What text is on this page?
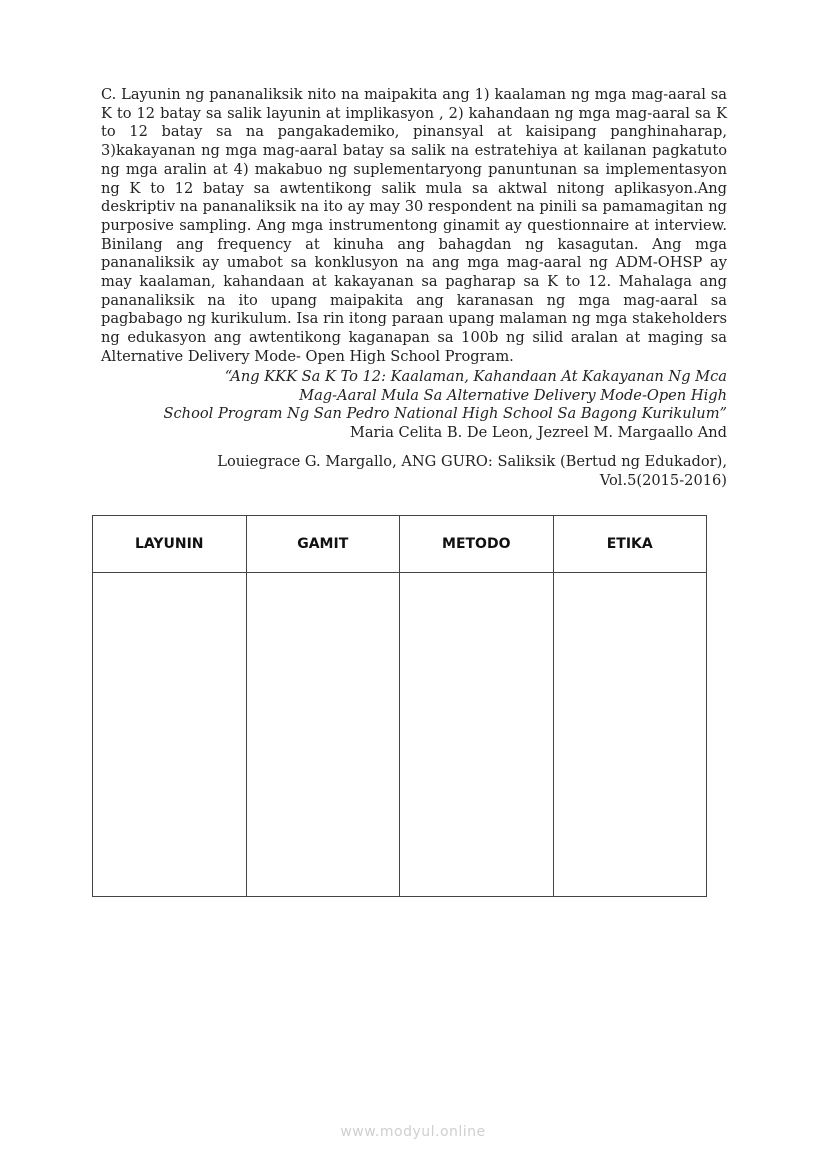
C. Layunin ng pananaliksik nito na maipakita ang 1) kaalaman ng mga mag-aaral sa K to 12 batay sa salik layunin at implikasyon , 2) kahandaan ng mga mag-aaral sa K to 12 batay sa na pangakademiko, pinansyal at kaisipang panghinaharap, 3)kakayanan ng mga mag-aaral batay sa salik na estratehiya at kailanan pagkatuto ng mga aralin at 4) makabuo ng suplementaryong panuntunan sa implementasyon ng K to 12 batay sa awtentikong salik mula sa aktwal nitong aplikasyon.Ang deskriptiv na pananaliksik na ito ay may 30 respondent na pinili sa pamamagitan ng purposive sampling. Ang mga instrumentong ginamit ay questionnaire at interview. Binilang ang frequency at kinuha ang bahagdan ng kasagutan. Ang mga pananaliksik ay umabot sa konklusyon na ang mga mag-aaral ng ADM-OHSP ay may kaalaman, kahandaan at kakayanan sa pagharap sa K to 12. Mahalaga ang pananaliksik na ito upang maipakita ang karanasan ng mga mag-aaral sa pagbabago ng kurikulum. Isa rin itong paraan upang malaman ng mga stakeholders ng edukasyon ang awtentikong kaganapan sa 100b ng silid aralan at maging sa Alternative Delivery Mode- Open High School Program.

“Ang KKK Sa K To 12: Kaalaman, Kahandaan At Kakayanan Ng Mca
Mag-Aaral Mula Sa Alternative Delivery Mode-Open High
School Program Ng San Pedro National High School Sa Bagong Kurikulum”
Maria Celita B. De Leon, Jezreel M. Margaallo And
Louiegrace G. Margallo, ANG GURO: Saliksik (Bertud ng Edukador),
Vol.5(2015-2016)
LAYUNIN	GAMIT	METODO	ETIKA

www.modyul.online
